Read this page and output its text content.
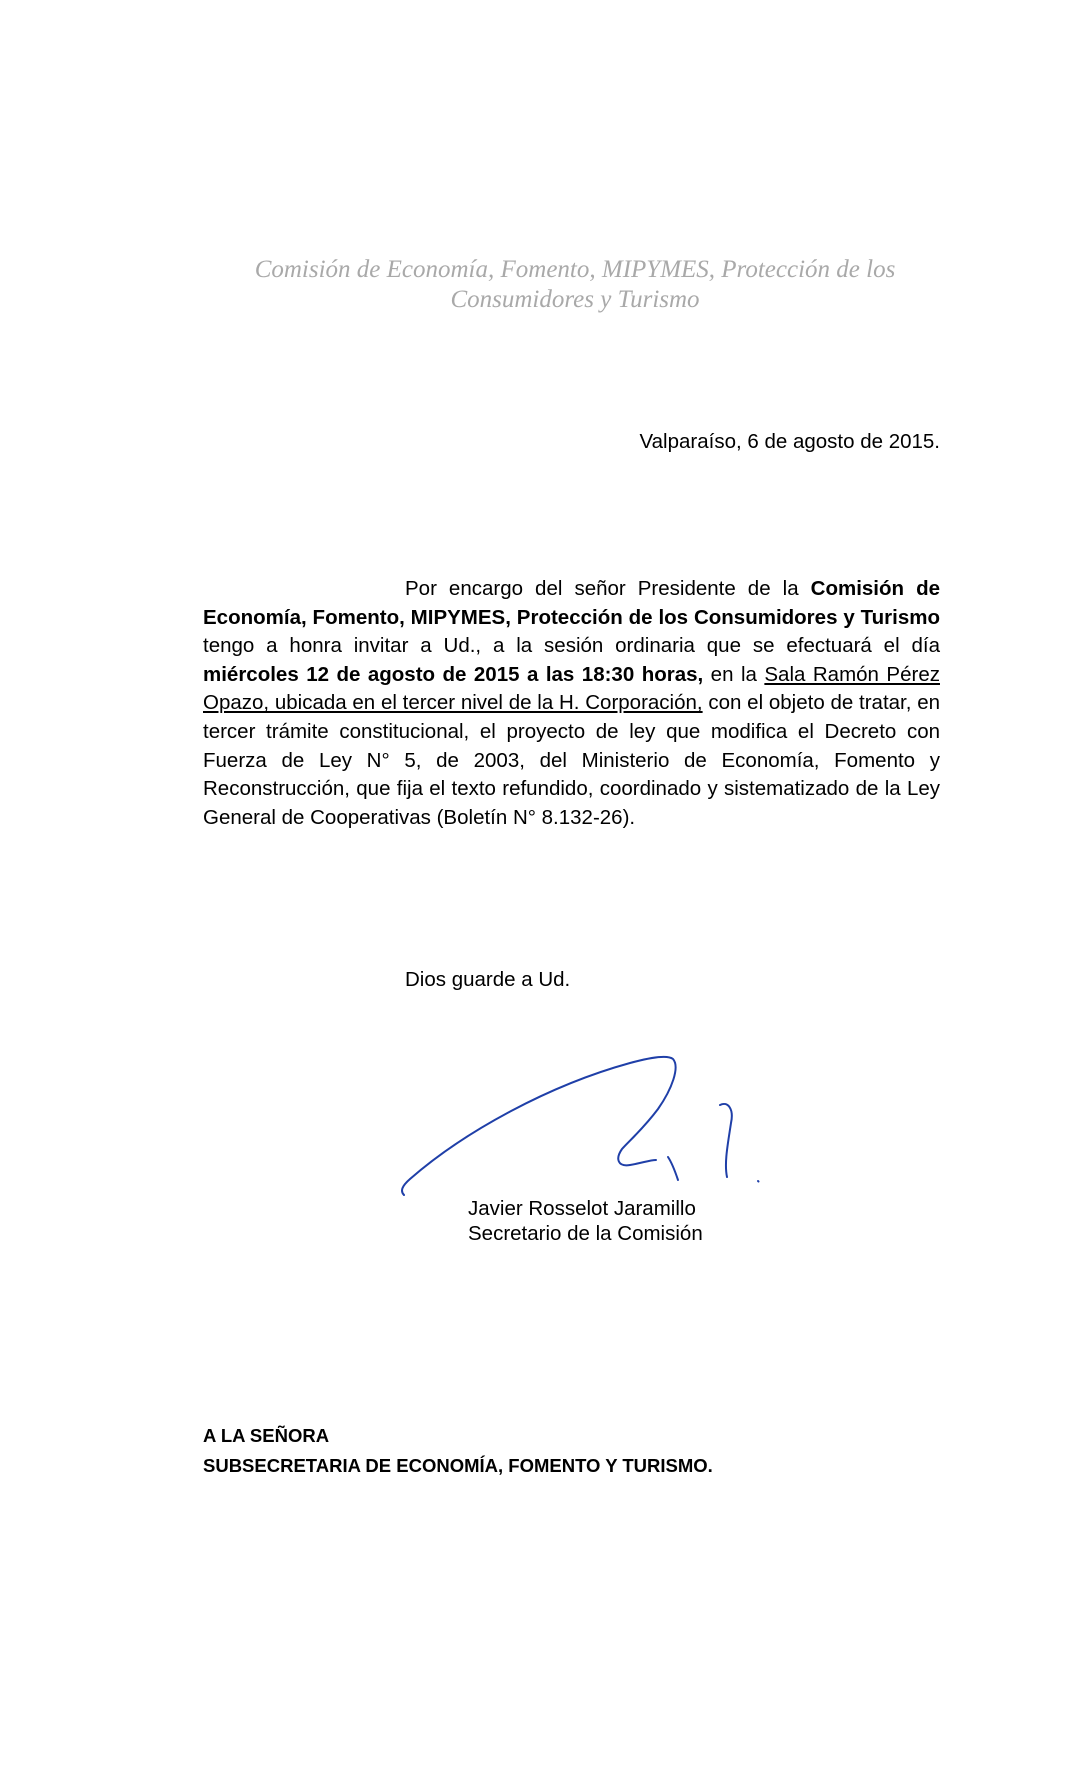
Comisión de Economía, Fomento, MIPYMES, Protección de los
Consumidores y Turismo
Valparaíso, 6 de agosto de 2015.
Por encargo del señor Presidente de la Comisión de Economía, Fomento, MIPYMES, Protección de los Consumidores y Turismo tengo a honra invitar a Ud., a la sesión ordinaria que se efectuará el día miércoles 12 de agosto de 2015 a las 18:30 horas, en la Sala Ramón Pérez Opazo, ubicada en el tercer nivel de la H. Corporación, con el objeto de tratar, en tercer trámite constitucional, el proyecto de ley que modifica el Decreto con Fuerza de Ley N° 5, de 2003, del Ministerio de Economía, Fomento y Reconstrucción, que fija el texto refundido, coordinado y sistematizado de la Ley General de Cooperativas (Boletín N° 8.132-26).
Dios guarde a Ud.
Javier Rosselot Jaramillo
Secretario de la Comisión
A LA SEÑORA
SUBSECRETARIA DE ECONOMÍA, FOMENTO Y TURISMO.
